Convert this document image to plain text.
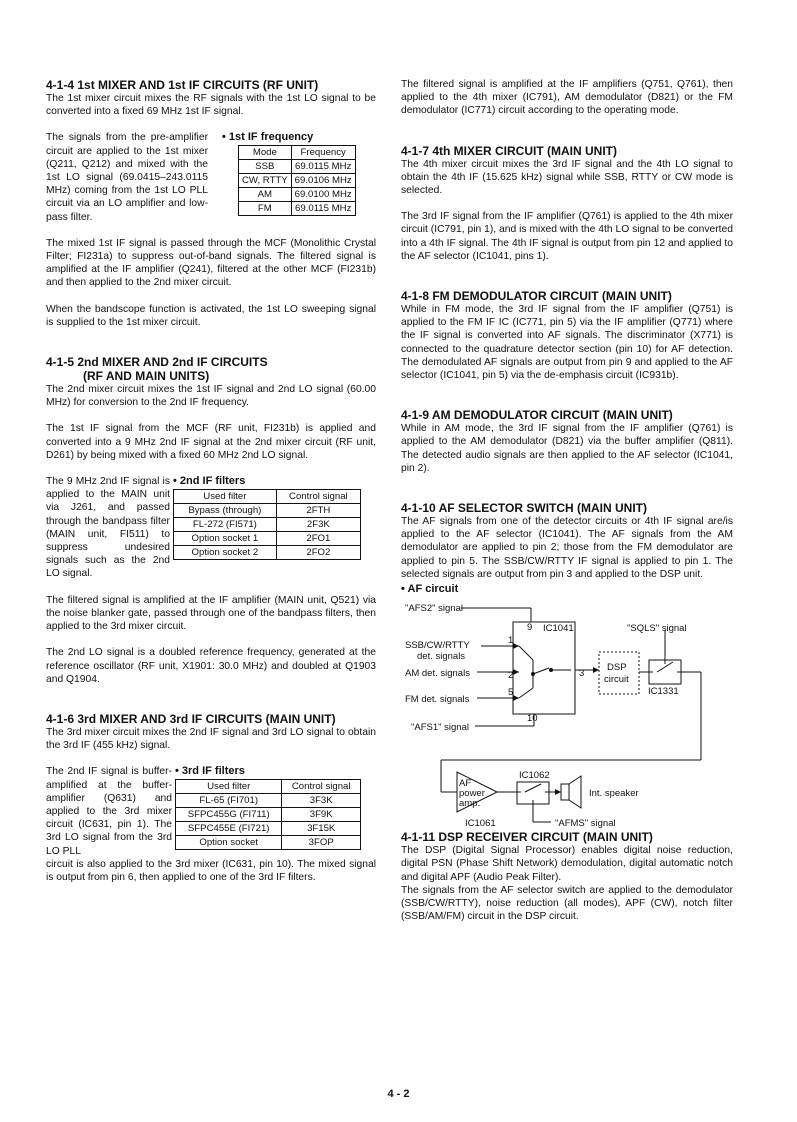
4-1-4 1st MIXER AND 1st IF CIRCUITS (RF UNIT)

The 1st mixer circuit mixes the RF signals with the 1st LO signal to be converted into a fixed 69 MHz 1st IF signal.

The signals from the pre-amplifier circuit are applied to the 1st mixer (Q211, Q212) and mixed with the 1st LO signal (69.0415–243.0115 MHz) coming from the 1st LO PLL circuit via an LO amplifier and low-pass filter.

• 1st IF frequency
Mode	Frequency
SSB	69.0115 MHz
CW, RTTY	69.0106 MHz
AM	69.0100 MHz
FM	69.0115 MHz

The mixed 1st IF signal is passed through the MCF (Monolithic Crystal Filter; FI231a) to suppress out-of-band signals. The filtered signal is amplified at the IF amplifier (Q241), filtered at the other MCF (FI231b) and then applied to the 2nd mixer circuit.

When the bandscope function is activated, the 1st LO sweeping signal is supplied to the 1st mixer circuit.

4-1-5 2nd MIXER AND 2nd IF CIRCUITS
(RF AND MAIN UNITS)

The 2nd mixer circuit mixes the 1st IF signal and 2nd LO signal (60.00 MHz) for conversion to the 2nd IF frequency.

The 1st IF signal from the MCF (RF unit, FI231b) is applied and converted into a 9 MHz 2nd IF signal at the 2nd mixer circuit (RF unit, D261) by being mixed with a fixed 60 MHz 2nd LO signal.

The 9 MHz 2nd IF signal is applied to the MAIN unit via J261, and passed through the bandpass filter (MAIN unit, FI511) to suppress undesired signals such as the 2nd LO signal.

• 2nd IF filters
Used filter	Control signal
Bypass (through)	2FTH
FL-272 (FI571)	2F3K
Option socket 1	2FO1
Option socket 2	2FO2

The filtered signal is amplified at the IF amplifier (MAIN unit, Q521) via the noise blanker gate, passed through one of the bandpass filters, then applied to the 3rd mixer circuit.

The 2nd LO signal is a doubled reference frequency, generated at the reference oscillator (RF unit, X1901: 30.0 MHz) and doubled at Q1903 and Q1904.

4-1-6 3rd MIXER AND 3rd IF CIRCUITS (MAIN UNIT)

The 3rd mixer circuit mixes the 2nd IF signal and 3rd LO signal to obtain the 3rd IF (455 kHz) signal.

The 2nd IF signal is buffer-amplified at the buffer-amplifier (Q631) and applied to the 3rd mixer circuit (IC631, pin 1). The 3rd LO signal from the 3rd LO PLL

• 3rd IF filters
Used filter	Control signal
FL-65 (FI701)	3F3K
SFPC455G (FI711)	3F9K
SFPC455E (FI721)	3F15K
Option socket	3FOP

circuit is also applied to the 3rd mixer (IC631, pin 10). The mixed signal is output from pin 6, then applied to one of the 3rd IF filters.

The filtered signal is amplified at the IF amplifiers (Q751, Q761), then applied to the 4th mixer (IC791), AM demodulator (D821) or the FM demodulator (IC771) circuit according to the operating mode.

4-1-7 4th MIXER CIRCUIT (MAIN UNIT)

The 4th mixer circuit mixes the 3rd IF signal and the 4th LO signal to obtain the 4th IF (15.625 kHz) signal while SSB, RTTY or CW mode is selected.

The 3rd IF signal from the IF amplifier (Q761) is applied to the 4th mixer circuit (IC791, pin 1), and is mixed with the 4th LO signal to be converted into a 4th IF signal. The 4th IF signal is output from pin 12 and applied to the AF selector (IC1041, pins 1).

4-1-8 FM DEMODULATOR CIRCUIT (MAIN UNIT)

While in FM mode, the 3rd IF signal from the IF amplifier (Q751) is applied to the FM IF IC (IC771, pin 5) via the IF amplifier (Q771) where the IF signal is converted into AF signals. The discriminator (X771) is connected to the quadrature detector section (pin 10) for AF detection. The demodulated AF signals are output from pin 9 and applied to the AF selector (IC1041, pin 5) via the de-emphasis circuit (IC931b).

4-1-9 AM DEMODULATOR CIRCUIT (MAIN UNIT)

While in AM mode, the 3rd IF signal from the IF amplifier (Q761) is applied to the AM demodulator (D821) via the buffer amplifier (Q811). The detected audio signals are then applied to the AF selector (IC1041, pin 2).

4-1-10 AF SELECTOR SWITCH (MAIN UNIT)

The AF signals from one of the detector circuits or 4th IF signal are/is applied to the AF selector (IC1041). The AF signals from the AM demodulator are applied to pin 2; those from the FM demodulator are applied to pin 5. The SSB/CW/RTTY IF signal is applied to pin 1. The selected signals are output from pin 3 and applied to the DSP unit.

• AF circuit
"AFS2" signal
9 IC1041	"SQLS" signal
SSB/CW/RTTY
det. signals
1
AM det. signals	2	3
DSP
circuit
IC1331
FM det. signals
5
10
"AFS1" signal
IC1062
AF
power
amp.
Int. speaker
IC1061	"AFMS" signal
4-1-11 DSP RECEIVER CIRCUIT (MAIN UNIT)

The DSP (Digital Signal Processor) enables digital noise reduction, digital PSN (Phase Shift Network) demodulation, digital automatic notch and digital APF (Audio Peak Filter).

The signals from the AF selector switch are applied to the demodulator (SSB/CW/RTTY), noise reduction (all modes), APF (CW), notch filter (SSB/AM/FM) circuit in the DSP circuit.

4 - 2
